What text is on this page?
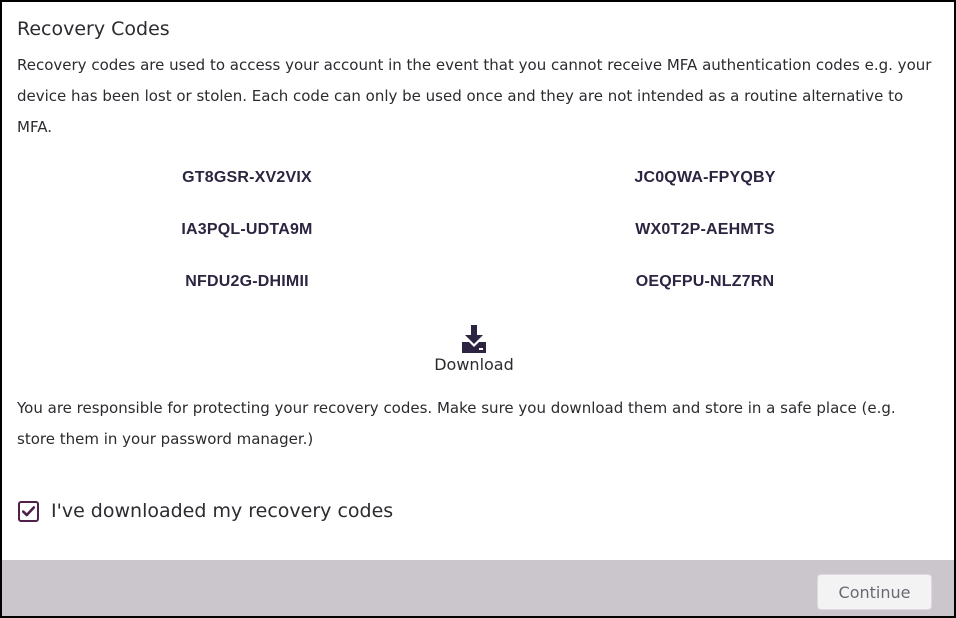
Recovery Codes
Recovery codes are used to access your account in the event that you cannot receive MFA authentication codes e.g. your device has been lost or stolen. Each code can only be used once and they are not intended as a routine alternative to MFA.
GT8GSR-XV2VIX	JC0QWA-FPYQBY
IA3PQL-UDTA9M	WX0T2P-AEHMTS
NFDU2G-DHIMII	OEQFPU-NLZ7RN
Download
You are responsible for protecting your recovery codes. Make sure you download them and store in a safe place (e.g. store them in your password manager.)
I've downloaded my recovery codes
Continue
